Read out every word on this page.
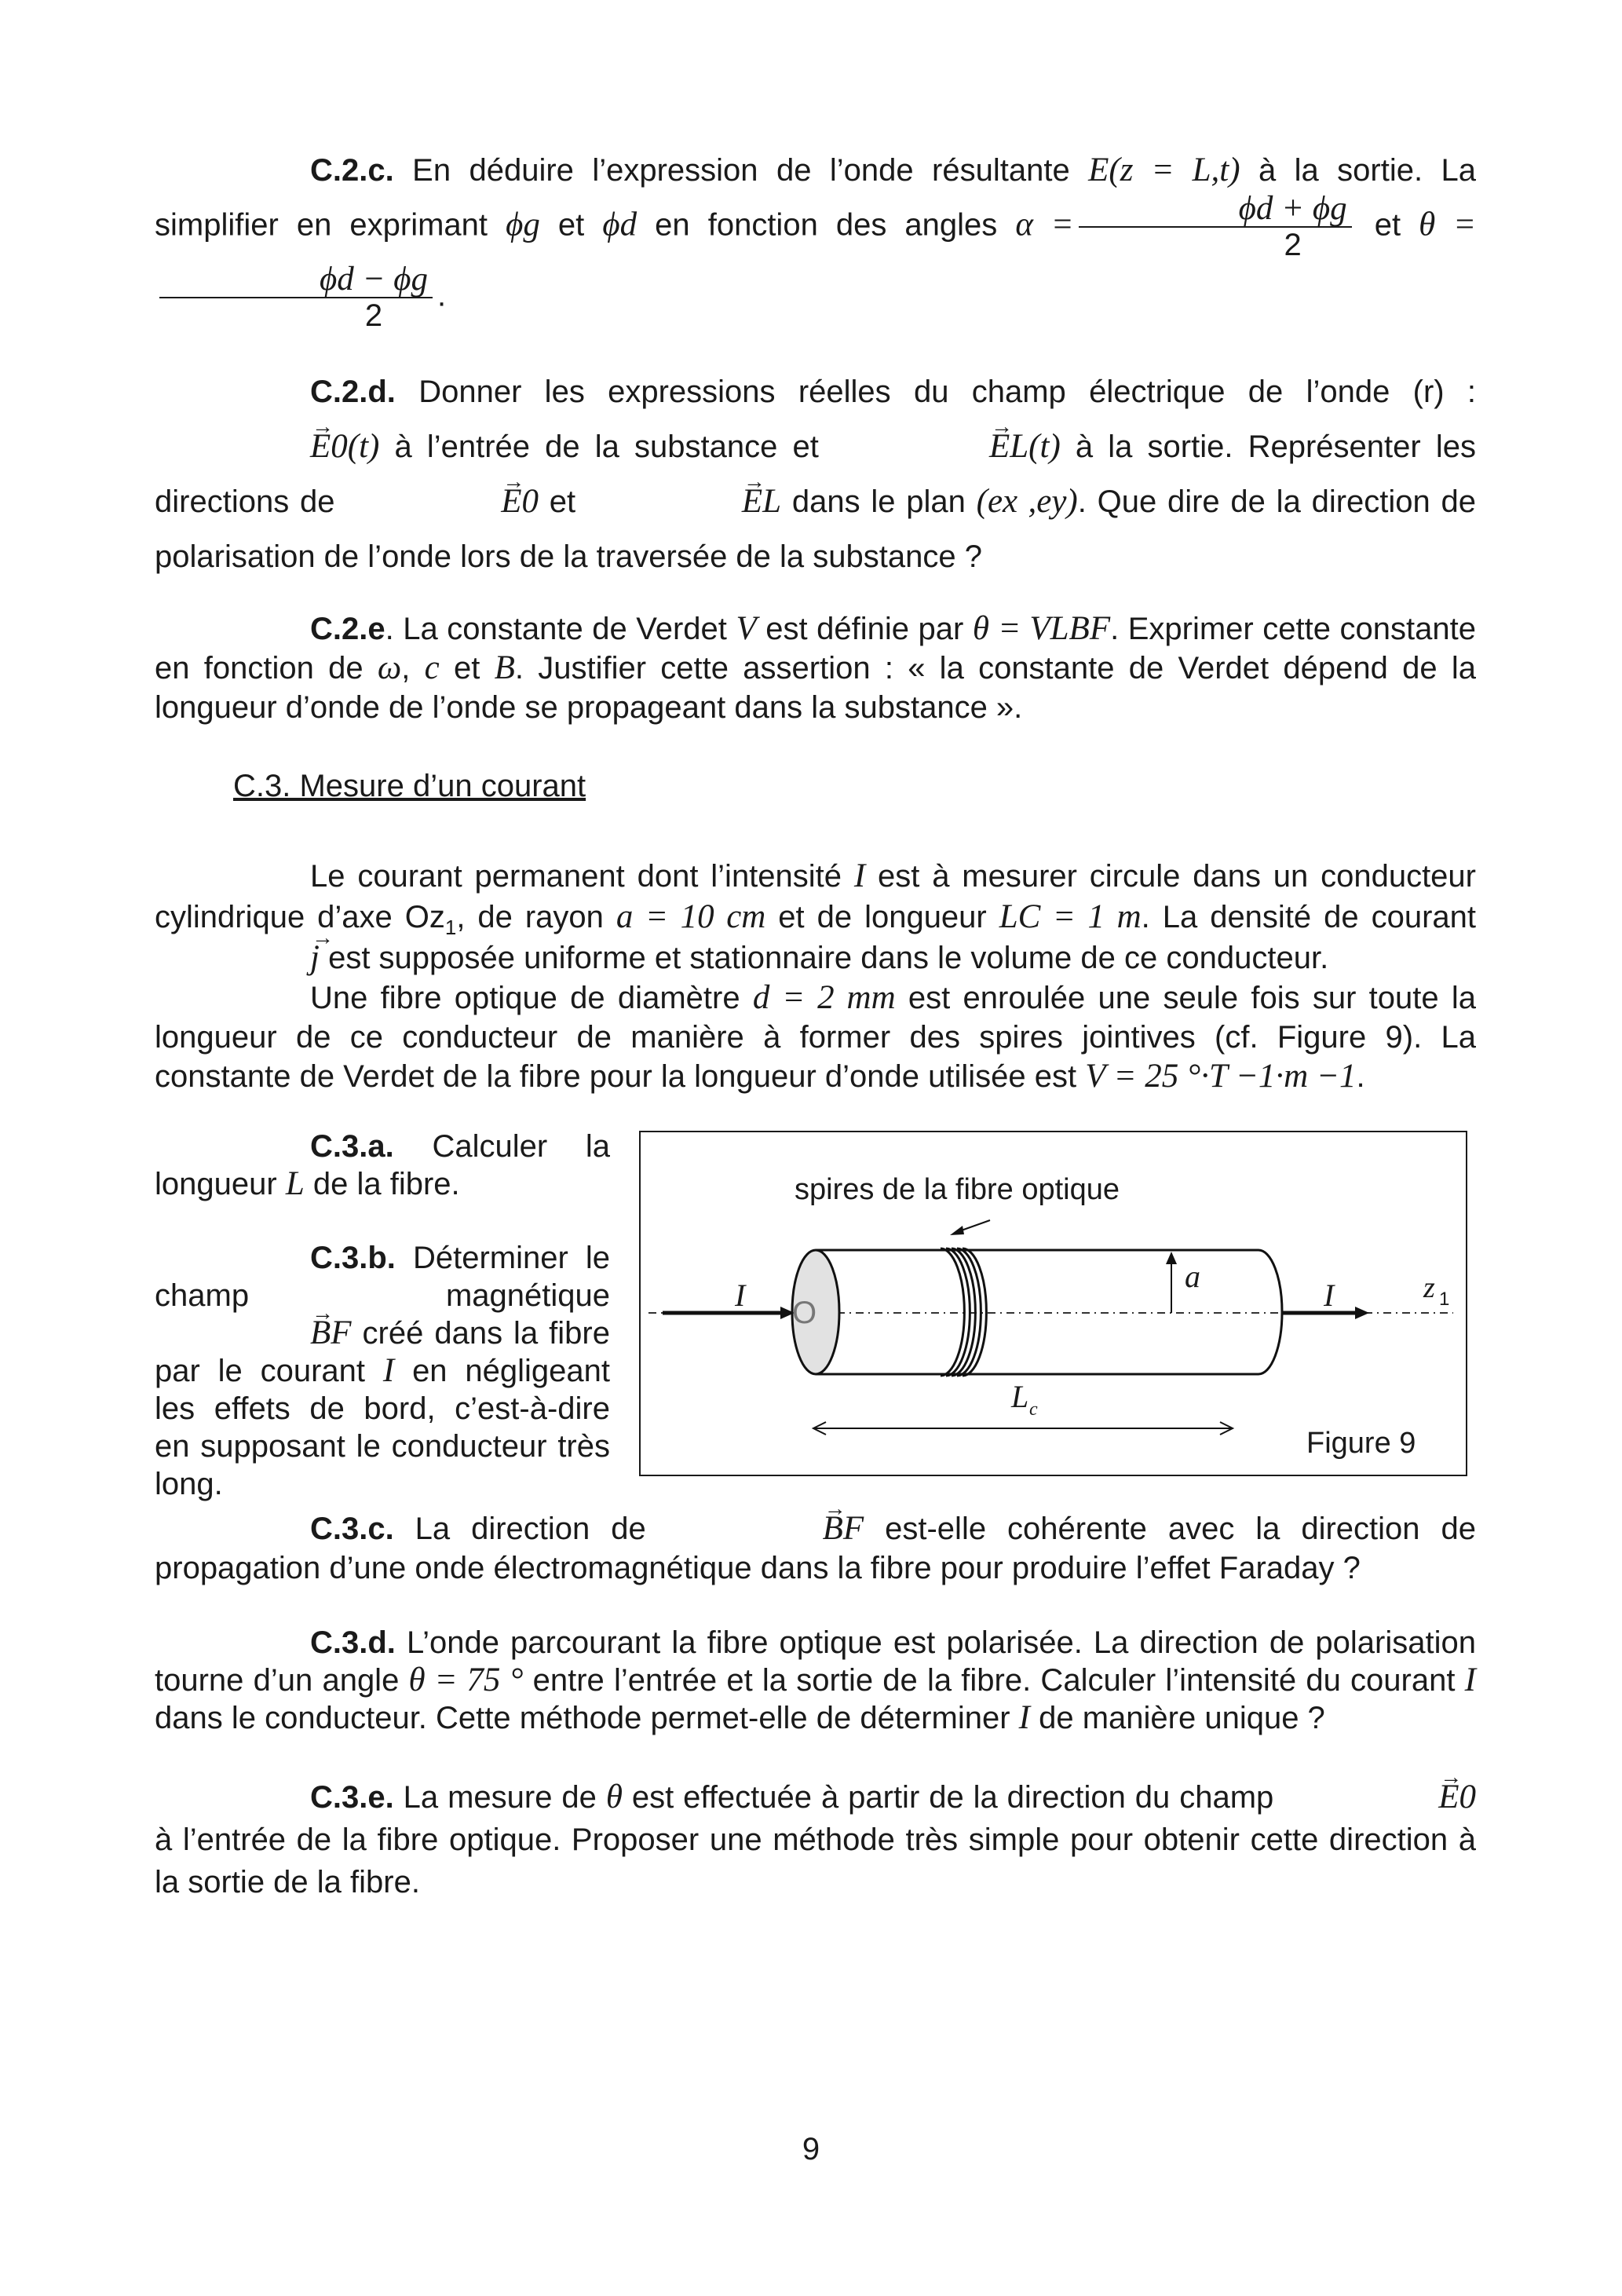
C.2.c. En déduire l’expression de l’onde résultante E(z = L,t) à la sortie. La simplifier en exprimant ϕg et ϕd en fonction des angles $\alpha = \frac{\phi d + \phi g}{2}$ et θ =
$\frac{\phi d - \phi g}{2}$ .

C.2.d. Donner les expressions réelles du champ électrique de l’onde (r) : → E0(t) à l’entrée de la substance et	→ EL(t) à la sortie. Représenter les directions de	→ E0 et	→ EL dans le plan (ex ,ey). Que dire de la direction de polarisation de l’onde lors de la traversée de la substance ?

C.2.e. La constante de Verdet V est définie par θ = VLBF. Exprimer cette constante en fonction de ω, c et B. Justifier cette assertion : « la constante de Verdet dépend de la longueur d’onde de l’onde se propageant dans la substance ».

C.3. Mesure d’un courant

Le courant permanent dont l’intensité I est à mesurer circule dans un conducteur cylindrique d’axe $Oz_1$, de rayon a = 10 cm et de longueur LC = 1 m. La densité de courant → j est supposée uniforme et stationnaire dans le volume de ce conducteur.

Une fibre optique de diamètre d = 2 mm est enroulée une seule fois sur toute la longueur de ce conducteur de manière à former des spires jointives (cf. Figure 9). La constante de Verdet de la fibre pour la longueur d’onde utilisée est V = 25 °·T −1·m −1.

C.3.a. Calculer la longueur L de la fibre.

C.3.b. Déterminer le champ magnétique → BF créé dans la fibre par le courant I en négligeant les effets de bord, c’est-à-dire en supposant le conducteur très long.

spires de la fibre optique
I O
a
I	z 1
L c
Figure 9

C.3.c. La direction de	→ BF est-elle cohérente avec la direction de propagation d’une onde électromagnétique dans la fibre pour produire l’effet Faraday ?

C.3.d. L’onde parcourant la fibre optique est polarisée. La direction de polarisation tourne d’un angle θ = 75 ° entre l’entrée et la sortie de la fibre. Calculer l’intensité du courant I dans le conducteur. Cette méthode permet-elle de déterminer I de manière unique ?

C.3.e. La mesure de θ est effectuée à partir de la direction du champ	→ E0 à l’entrée de la fibre optique. Proposer une méthode très simple pour obtenir cette direction à la sortie de la fibre.

9
